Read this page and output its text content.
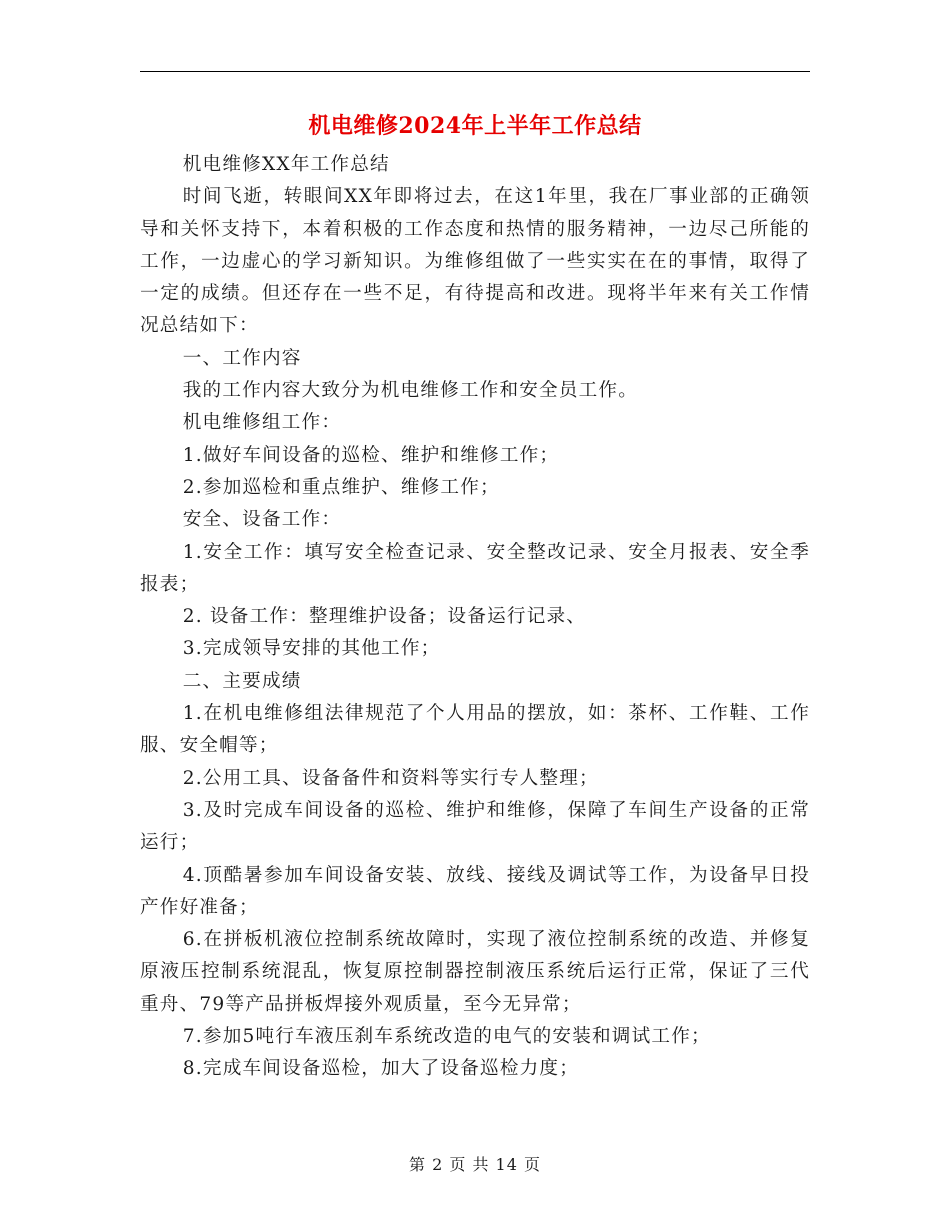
机电维修2024年上半年工作总结

机电维修XX年工作总结

时间飞逝，转眼间XX年即将过去，在这1年里，我在厂事业部的正确领导和关怀支持下，本着积极的工作态度和热情的服务精神，一边尽己所能的工作，一边虚心的学习新知识。为维修组做了一些实实在在的事情，取得了一定的成绩。但还存在一些不足，有待提高和改进。现将半年来有关工作情况总结如下：

一、工作内容

我的工作内容大致分为机电维修工作和安全员工作。

机电维修组工作：

1.做好车间设备的巡检、维护和维修工作；

2.参加巡检和重点维护、维修工作；

安全、设备工作：

1.安全工作：填写安全检查记录、安全整改记录、安全月报表、安全季报表；

2. 设备工作：整理维护设备；设备运行记录、

3.完成领导安排的其他工作；

二、主要成绩

1.在机电维修组法律规范了个人用品的摆放，如：茶杯、工作鞋、工作服、安全帽等；

2.公用工具、设备备件和资料等实行专人整理；

3.及时完成车间设备的巡检、维护和维修，保障了车间生产设备的正常运行；

4.顶酷暑参加车间设备安装、放线、接线及调试等工作，为设备早日投产作好准备；

6.在拼板机液位控制系统故障时，实现了液位控制系统的改造、并修复原液压控制系统混乱，恢复原控制器控制液压系统后运行正常，保证了三代重舟、79等产品拼板焊接外观质量，至今无异常；

7.参加5吨行车液压刹车系统改造的电气的安装和调试工作；

8.完成车间设备巡检，加大了设备巡检力度；

第 2 页 共 14 页
